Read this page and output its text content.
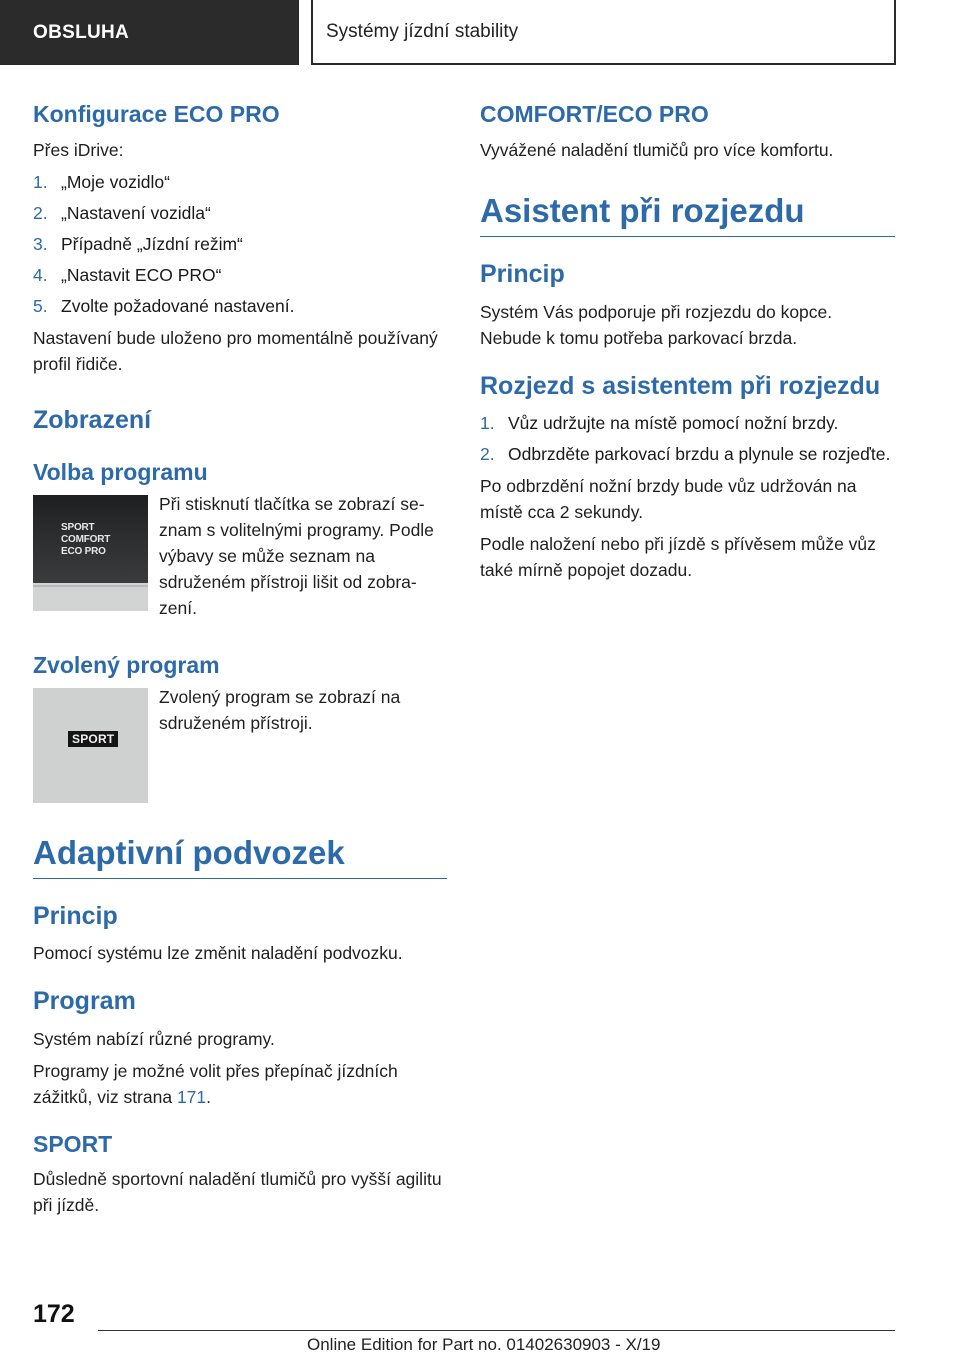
OBSLUHA	Systémy jízdní stability
Konfigurace ECO PRO
Přes iDrive:
1. „Moje vozidlo“
2. „Nastavení vozidla“
3. Případně „Jízdní režim“
4. „Nastavit ECO PRO“
5. Zvolte požadované nastavení.
Nastavení bude uloženo pro momentálně používaný profil řidiče.
Zobrazení
Volba programu
SPORT
COMFORT
ECO PRO
Při stisknutí tlačítka se zobrazí seznam s volitelnými programy. Podle výbavy se může seznam na sdruženém přístroji lišit od zobrazení.
Zvolený program
SPORT
Zvolený program se zobrazí na sdruženém přístroji.
Adaptivní podvozek
Princip
Pomocí systému lze změnit naladění podvozku.
Program
Systém nabízí různé programy.
Programy je možné volit přes přepínač jízdních zážitků, viz strana 171.
SPORT
Důsledně sportovní naladění tlumičů pro vyšší agilitu při jízdě.
COMFORT/ECO PRO
Vyvážené naladění tlumičů pro více komfortu.
Asistent při rozjezdu
Princip
Systém Vás podporuje při rozjezdu do kopce. Nebude k tomu potřeba parkovací brzda.
Rozjezd s asistentem při rozjezdu
1. Vůz udržujte na místě pomocí nožní brzdy.
2. Odbrzděte parkovací brzdu a plynule se rozjeďte.
Po odbrzdění nožní brzdy bude vůz udržován na místě cca 2 sekundy.
Podle naložení nebo při jízdě s přívěsem může vůz také mírně popojet dozadu.
172
Online Edition for Part no. 01402630903 - X/19
